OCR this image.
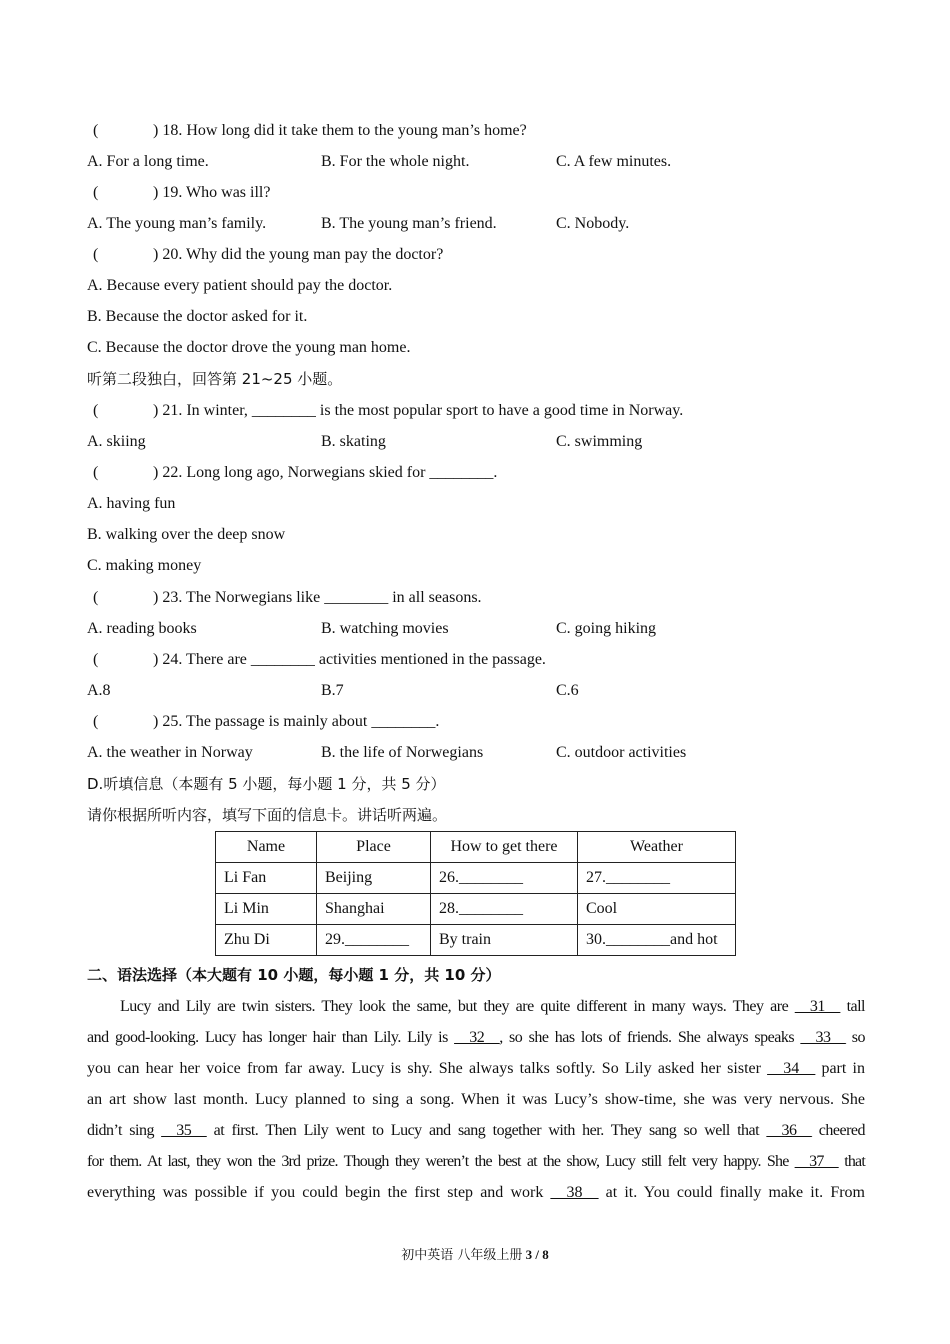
(	) 18. How long did it take them to the young man’s home?
A. For a long time.	B. For the whole night.	C. A few minutes.
(	) 19. Who was ill?
A. The young man’s family.	B. The young man’s friend.	C. Nobody.
(	) 20. Why did the young man pay the doctor?
A. Because every patient should pay the doctor.
B. Because the doctor asked for it.
C. Because the doctor drove the young man home.
听第二段独白，回答第 21~25 小题。
(	) 21. In winter, ________ is the most popular sport to have a good time in Norway.
A. skiing	B. skating	C. swimming
(	) 22. Long long ago, Norwegians skied for ________.
A. having fun
B. walking over the deep snow
C. making money
(	) 23. The Norwegians like ________ in all seasons.
A. reading books	B. watching movies	C. going hiking
(	) 24. There are ________ activities mentioned in the passage.
A.8	B.7	C.6
(	) 25. The passage is mainly about ________.
A. the weather in Norway	B. the life of Norwegians	C. outdoor activities
D.听填信息（本题有 5 小题，每小题 1 分，共 5 分）
请你根据所听内容，填写下面的信息卡。讲话听两遍。
Name	Place	How to get there	Weather
Li Fan	Beijing	26.________	27.________
Li Min	Shanghai	28.________	Cool
Zhu Di	29.________	By train	30.________and hot
二、语法选择（本大题有 10 小题，每小题 1 分，共 10 分）
Lucy and Lily are twin sisters. They look the same, but they are quite different in many ways. They are __31__ tall
and good-looking. Lucy has longer hair than Lily. Lily is __32__, so she has lots of friends. She always speaks __33__ so
you can hear her voice from far away. Lucy is shy. She always talks softly. So Lily asked her sister __34__ part in
an art show last month. Lucy planned to sing a song. When it was Lucy’s show-time, she was very nervous. She
didn’t sing __35__ at first. Then Lily went to Lucy and sang together with her. They sang so well that __36__ cheered
for them. At last, they won the 3rd prize. Though they weren’t the best at the show, Lucy still felt very happy. She __37__ that
everything was possible if you could begin the first step and work __38__ at it. You could finally make it. From
初中英语 八年级上册 3 / 8
